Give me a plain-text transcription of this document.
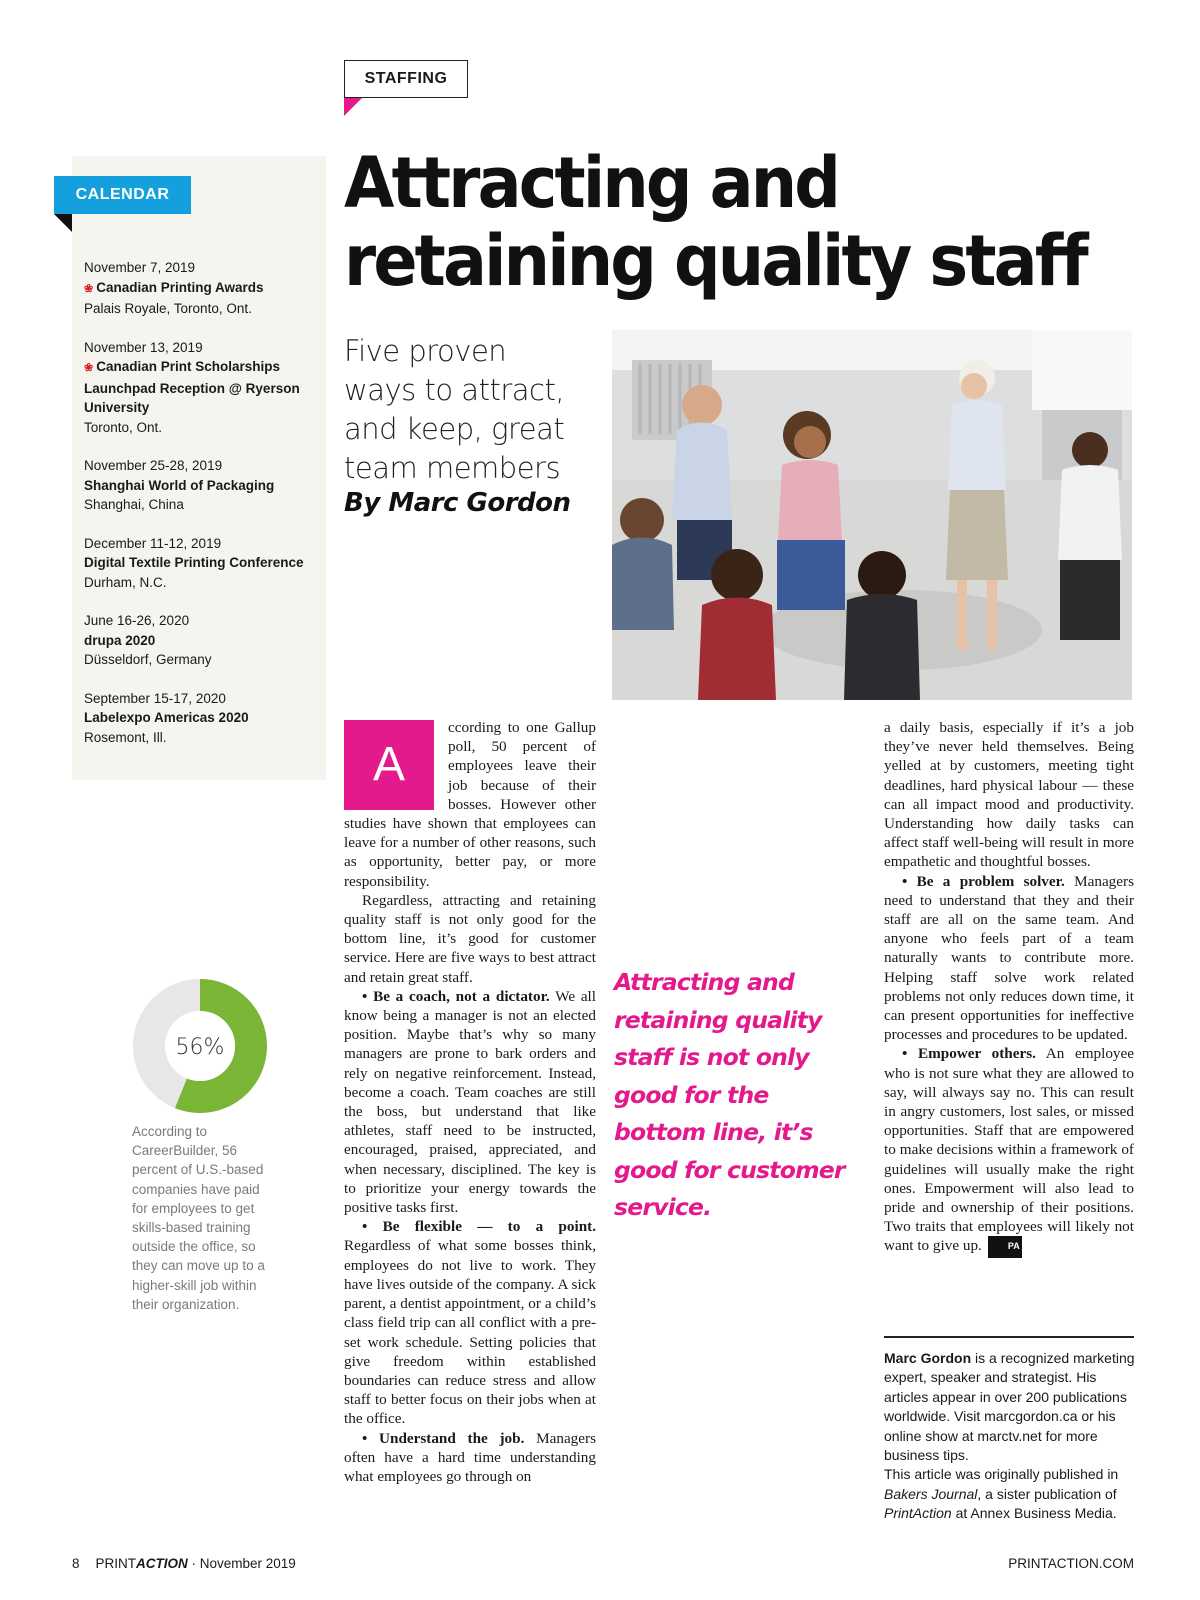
STAFFING
CALENDAR
November 7, 2019
❀ Canadian Printing Awards
Palais Royale, Toronto, Ont.
November 13, 2019
❀ Canadian Print Scholarships Launchpad Reception @ Ryerson University
Toronto, Ont.
November 25-28, 2019
Shanghai World of Packaging
Shanghai, China
December 11-12, 2019
Digital Textile Printing Conference
Durham, N.C.
June 16-26, 2020
drupa 2020
Düsseldorf, Germany
September 15-17, 2020
Labelexpo Americas 2020
Rosemont, Ill.
Attracting and
retaining quality staff
Five proven
ways to attract,
and keep, great
team members
By Marc Gordon
A

ccording to one Gallup poll, 50 percent of employees leave their job because of their bosses. However other studies have shown that employees can leave for a number of other reasons, such as opportunity, better pay, or more responsibility.

Regardless, attracting and retaining quality staff is not only good for the bottom line, it’s good for customer service. Here are five ways to best attract and retain great staff.

• Be a coach, not a dictator. We all know being a manager is not an elected position. Maybe that’s why so many managers are prone to bark orders and rely on negative reinforcement. Instead, become a coach. Team coaches are still the boss, but understand that like athletes, staff need to be instructed, encouraged, praised, appreciated, and when necessary, disciplined. The key is to prioritize your energy towards the positive tasks first.

• Be flexible — to a point. Regardless of what some bosses think, employees do not live to work. They have lives outside of the company. A sick parent, a dentist appointment, or a child’s class field trip can all conflict with a pre-set work schedule. Setting policies that give freedom within established boundaries can reduce stress and allow staff to better focus on their jobs when at the office.

• Understand the job. Managers often have a hard time understanding what employees go through on

Attracting and retaining quality staff is not only good for the bottom line, it’s good for customer service.

a daily basis, especially if it’s a job they’ve never held themselves. Being yelled at by customers, meeting tight deadlines, hard physical labour — these can all impact mood and productivity. Understanding how daily tasks can affect staff well-being will result in more empathetic and thoughtful bosses.

• Be a problem solver. Managers need to understand that they and their staff are all on the same team. And anyone who feels part of a team naturally wants to contribute more. Helping staff solve work related problems not only reduces down time, it can present opportunities for ineffective processes and procedures to be updated.

• Empower others. An employee who is not sure what they are allowed to say, will always say no. This can result in angry customers, lost sales, or missed opportunities. Staff that are empowered to make decisions within a framework of guidelines will usually make the right ones. Empowerment will also lead to pride and ownership of their positions. Two traits that employees will likely not want to give up.	PA

56%
According to CareerBuilder, 56 percent of U.S.-based companies have paid for employees to get skills-based training outside the office, so they can move up to a higher-skill job within their organization.
Marc Gordon is a recognized marketing expert, speaker and strategist. His articles appear in over 200 publications worldwide. Visit marcgordon.ca or his online show at marctv.net for more business tips.
This article was originally published in Bakers Journal, a sister publication of PrintAction at Annex Business Media.
8 PRINTACTION · November 2019	PRINTACTION.COM
